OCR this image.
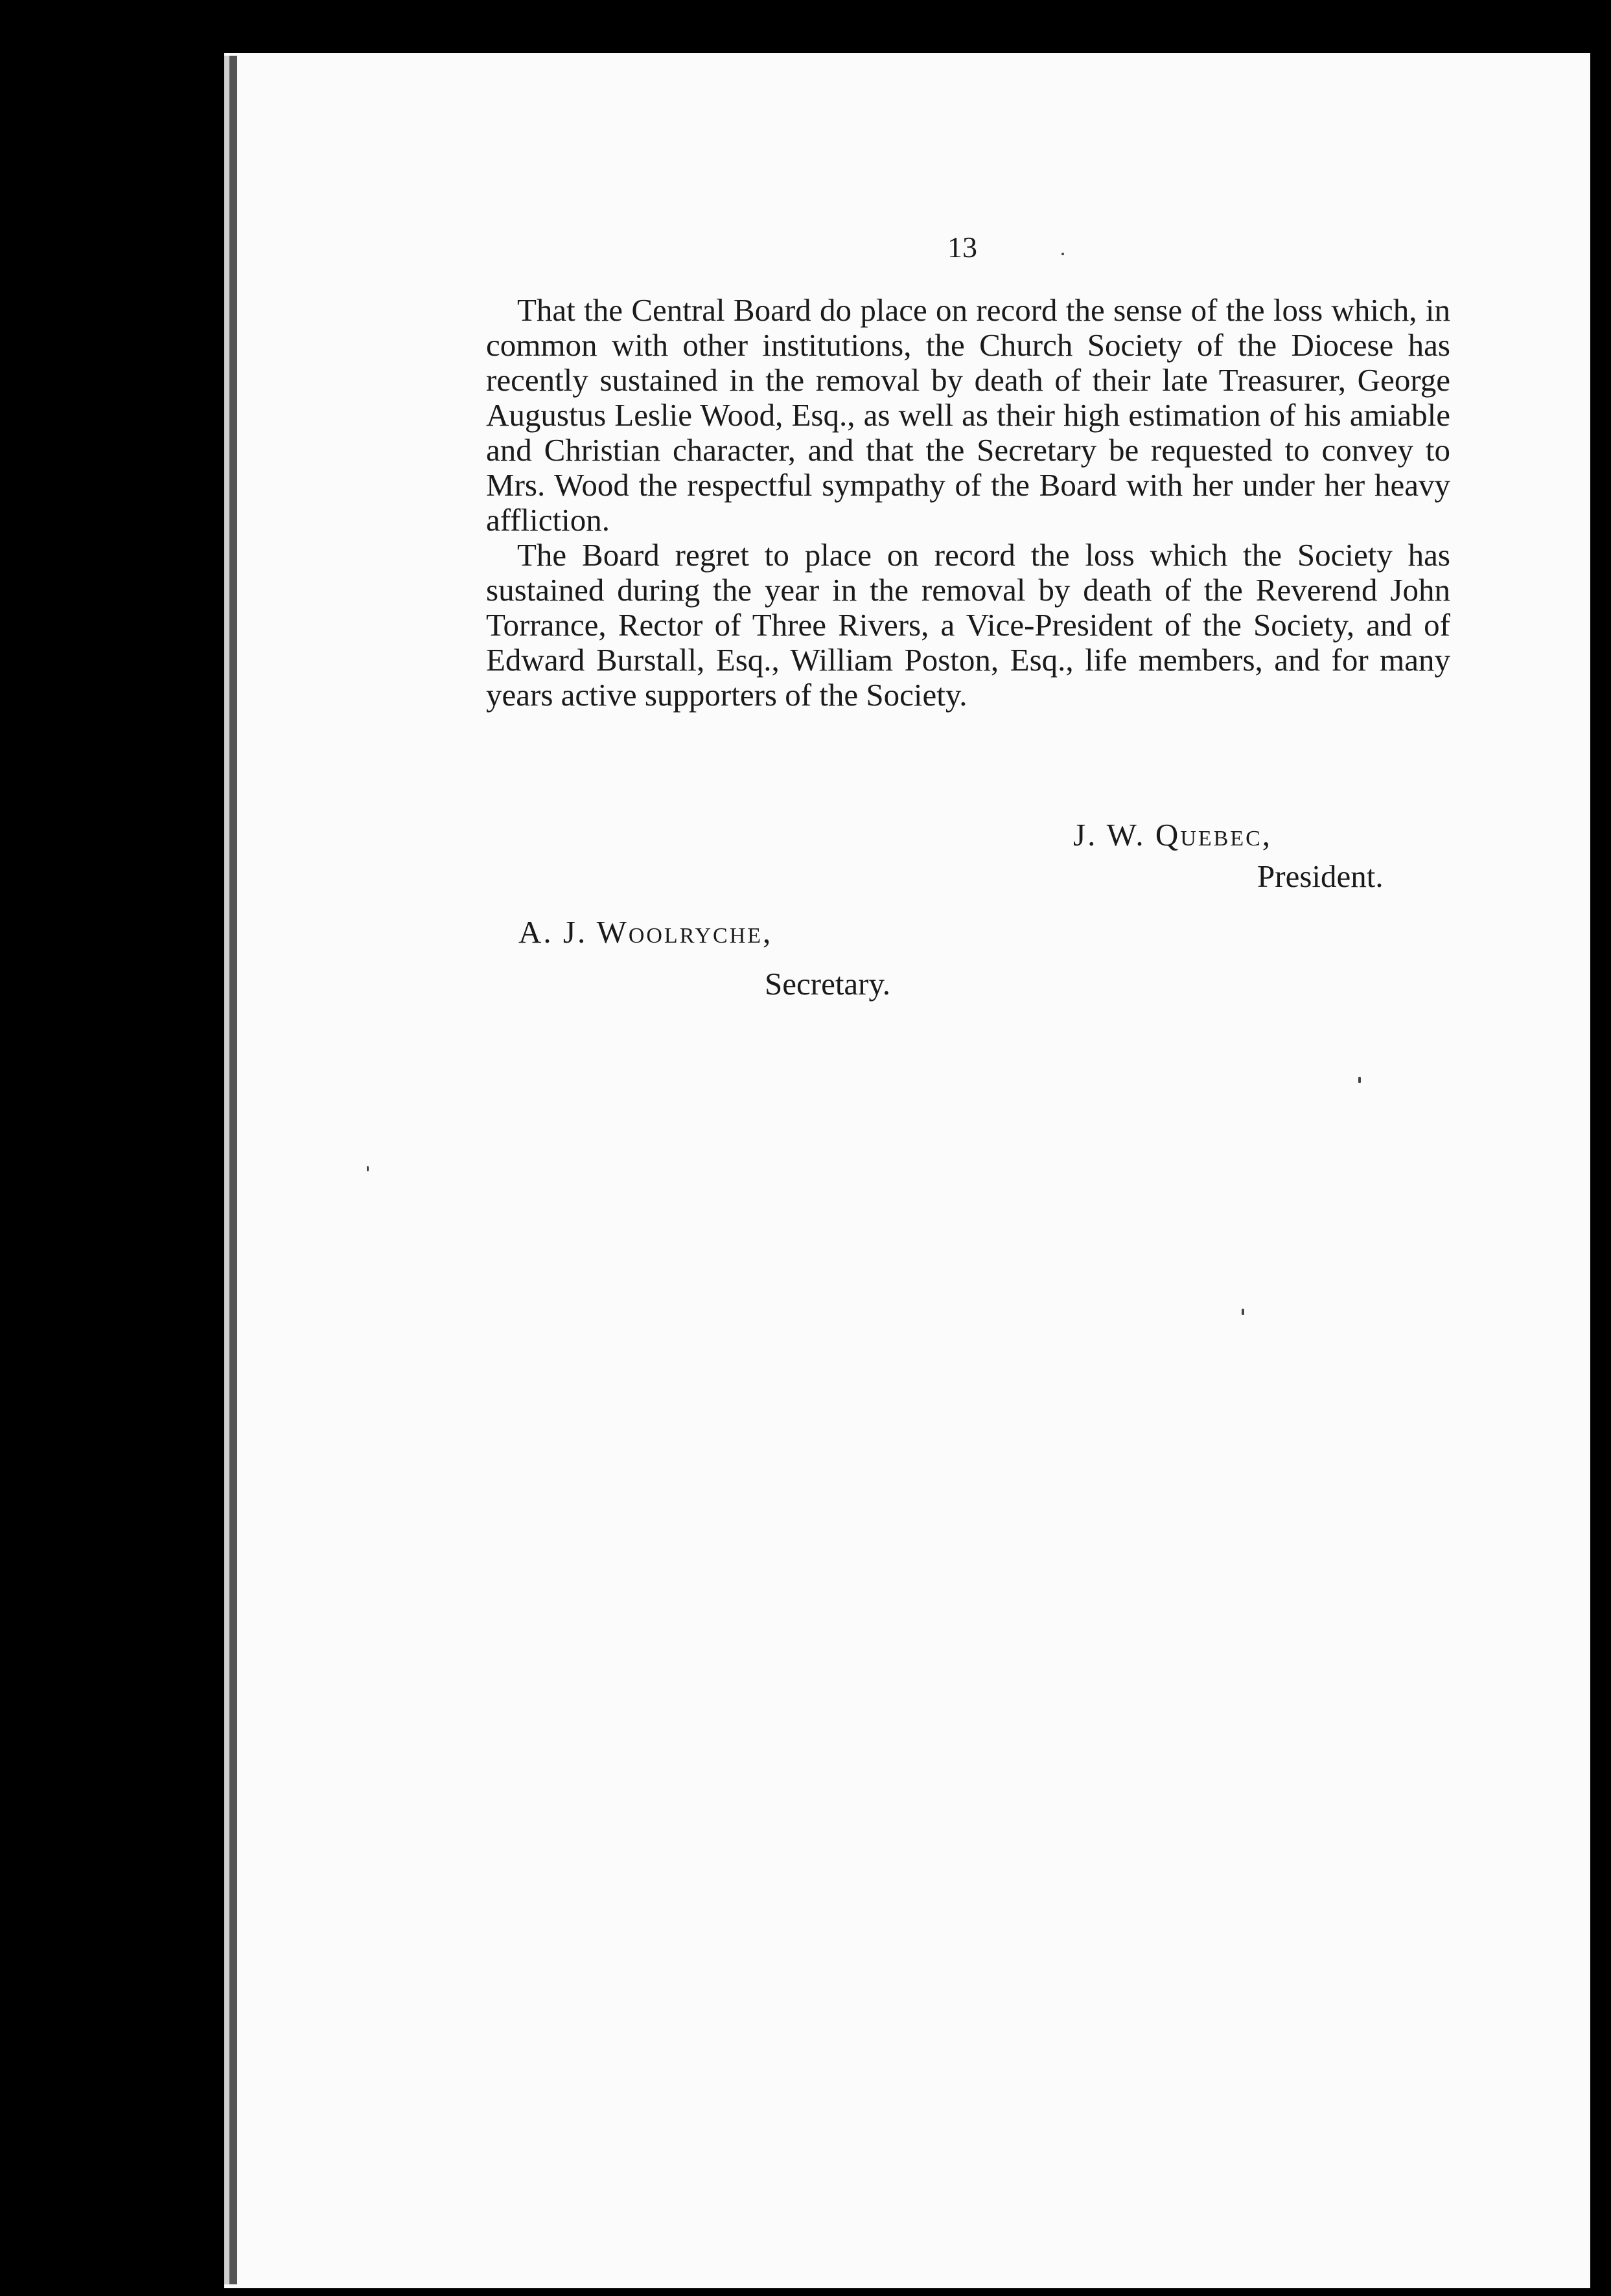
13

That the Central Board do place on record the sense of the loss which, in common with other institutions, the Church Society of the Diocese has recently sustained in the removal by death of their late Treasurer, George Augustus Leslie Wood, Esq., as well as their high estimation of his amiable and Christian character, and that the Secretary be requested to convey to Mrs. Wood the respectful sympathy of the Board with her under her heavy affliction.

The Board regret to place on record the loss which the Society has sustained during the year in the removal by death of the Reverend John Torrance, Rector of Three Rivers, a Vice-President of the Society, and of Edward Burstall, Esq., William Poston, Esq., life members, and for many years active supporters of the Society.

J. W. Quebec,
President.
A. J. Woolryche,
Secretary.
